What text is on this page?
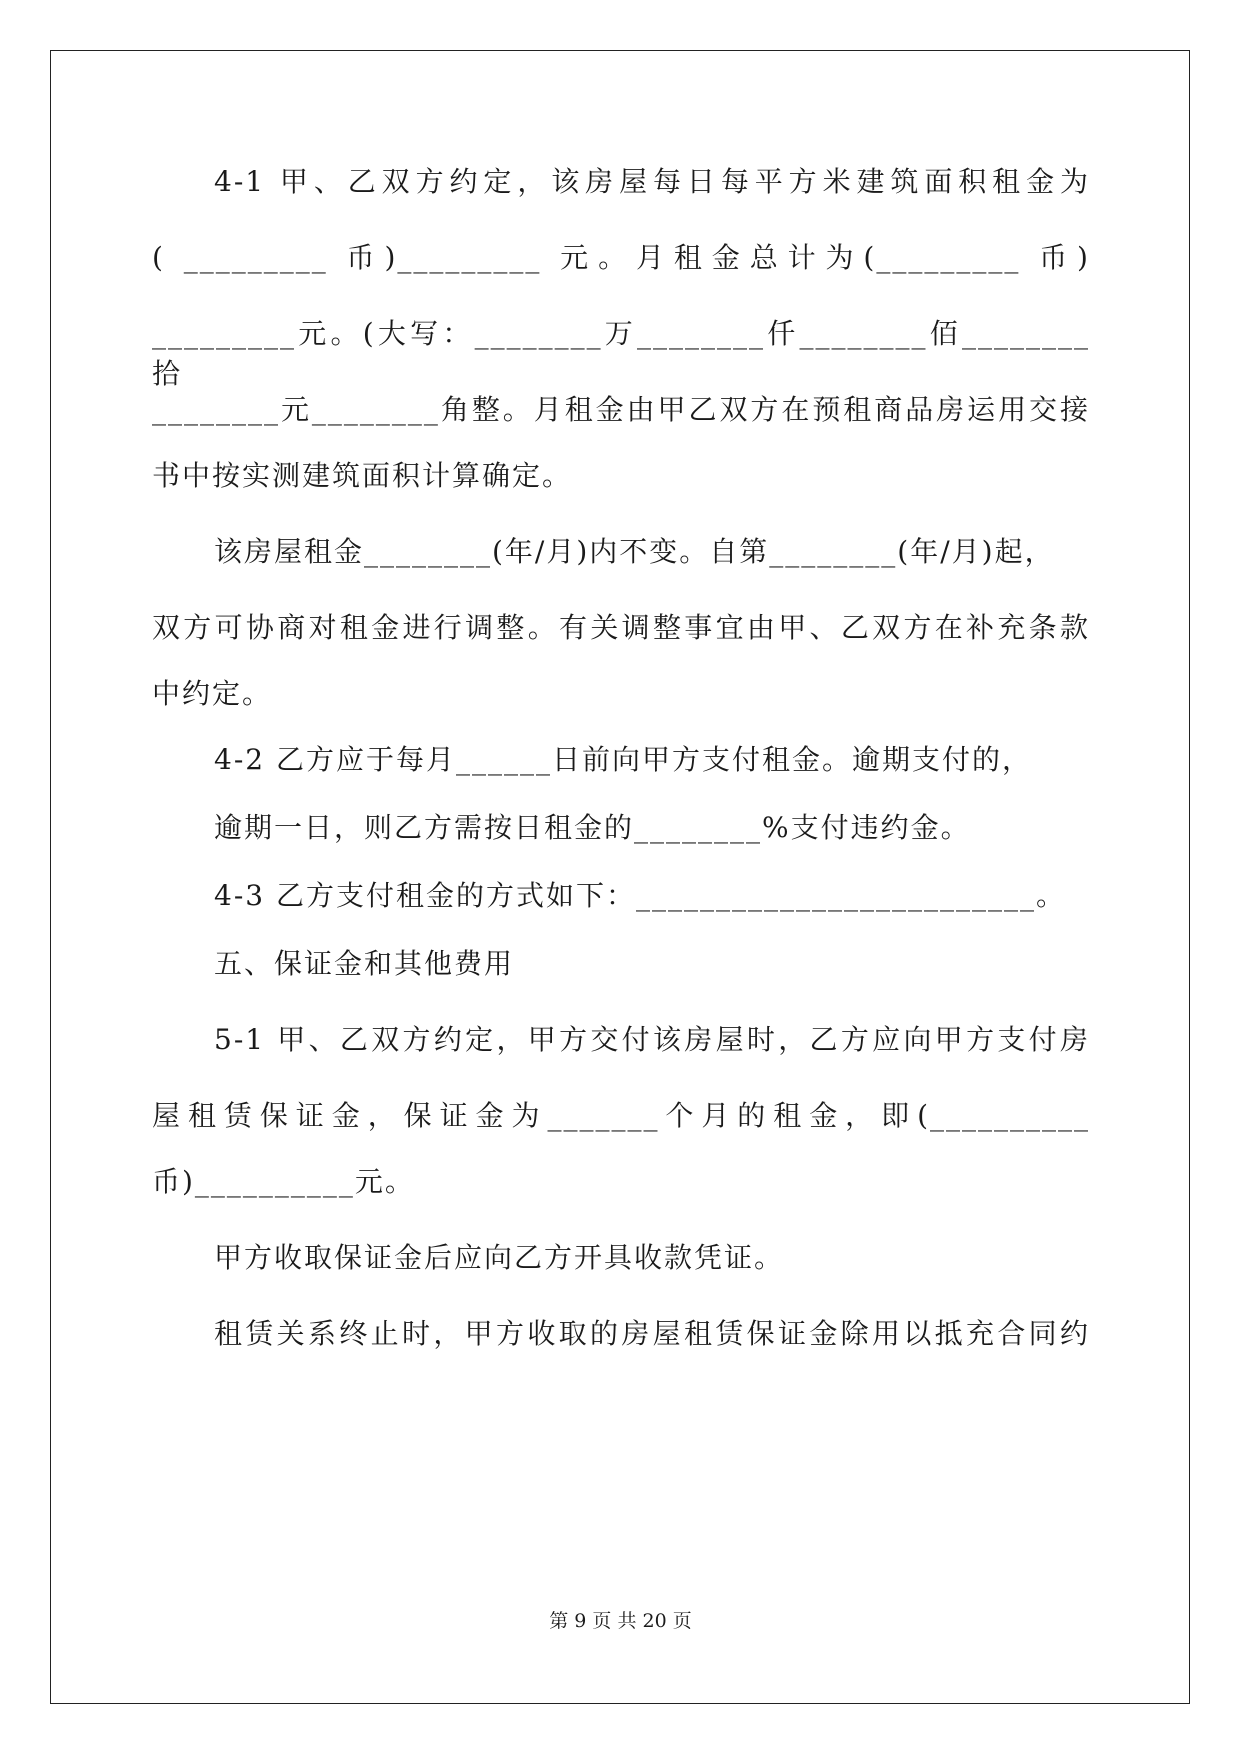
4-1 甲、乙双方约定，该房屋每日每平方米建筑面积租金为
( _________ 币)_________ 元。月租金总计为(_________ 币)
_________元。(大写：________万________仟________佰________拾
________元________角整。月租金由甲乙双方在预租商品房运用交接
书中按实测建筑面积计算确定。
该房屋租金________(年/月)内不变。自第________(年/月)起，
双方可协商对租金进行调整。有关调整事宜由甲、乙双方在补充条款
中约定。
4-2 乙方应于每月______日前向甲方支付租金。逾期支付的，
逾期一日，则乙方需按日租金的________%支付违约金。
4-3 乙方支付租金的方式如下：_________________________。
五、保证金和其他费用
5-1 甲、乙双方约定，甲方交付该房屋时，乙方应向甲方支付房
屋租赁保证金，保证金为_______个月的租金，即(__________
币)__________元。
甲方收取保证金后应向乙方开具收款凭证。
租赁关系终止时，甲方收取的房屋租赁保证金除用以抵充合同约
第 9 页 共 20 页
